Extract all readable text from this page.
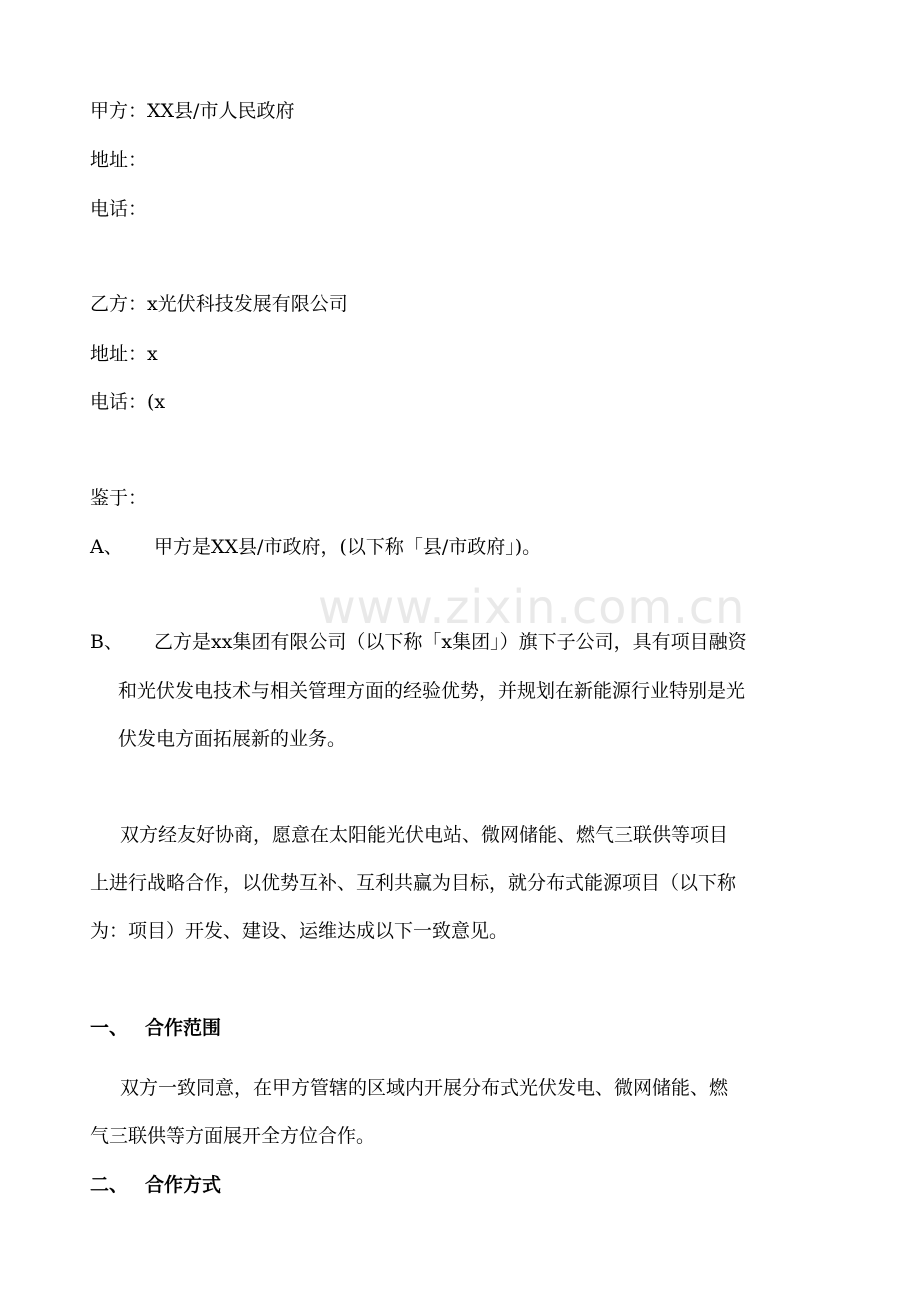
www.zixin.com.cn
甲方：XX县/市人民政府
地址：
电话：
乙方：x光伏科技发展有限公司
地址：x
电话：(x
鉴于：
A、 甲方是XX县/市政府，(以下称「县/市政府」)。
B、 乙方是xx集团有限公司（以下称「x集团」）旗下子公司，具有项目融资
和光伏发电技术与相关管理方面的经验优势，并规划在新能源行业特别是光
伏发电方面拓展新的业务。
双方经友好协商，愿意在太阳能光伏电站、微网储能、燃气三联供等项目
上进行战略合作，以优势互补、互利共赢为目标，就分布式能源项目（以下称
为：项目）开发、建设、运维达成以下一致意见。
一、 合作范围
双方一致同意，在甲方管辖的区域内开展分布式光伏发电、微网储能、燃
气三联供等方面展开全方位合作。
二、 合作方式
